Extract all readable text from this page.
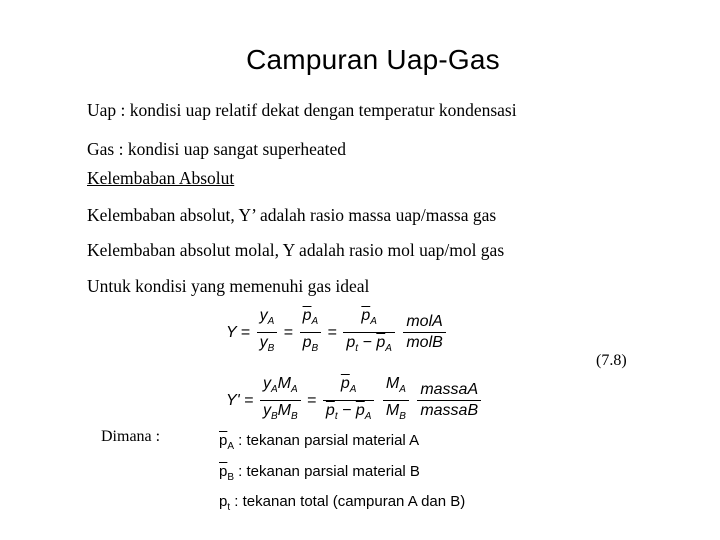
Campuran Uap-Gas
Uap : kondisi uap relatif dekat dengan temperatur kondensasi
Gas : kondisi uap sangat superheated
Kelembaban Absolut
Kelembaban absolut, Y’ adalah rasio massa uap/massa gas
Kelembaban absolut molal, Y adalah rasio mol uap/mol gas
Untuk kondisi yang memenuhi gas ideal
$Y = \frac{y_A}{y_B} = \frac{\overline{p}_A}{p_B} = \frac{\overline{p}_A}{p_t - \overline{p}_A}$
$\frac{\text{molA}}{\text{molB}}$
(7.8)
$Y' = \frac{y_AM_A}{y_BM_B} = \frac{\overline{p}_A}{\overline{p}_t - \overline{p}_A}$
$\frac{M_A}{M_B}$
$\frac{\text{massaA}}{\text{massaB}}$
Dimana :	$\overline{p}_A$ : tekanan parsial material A
$\overline{p}_B$ : tekanan parsial material B
$p_t$ : tekanan total (campuran A dan B)
